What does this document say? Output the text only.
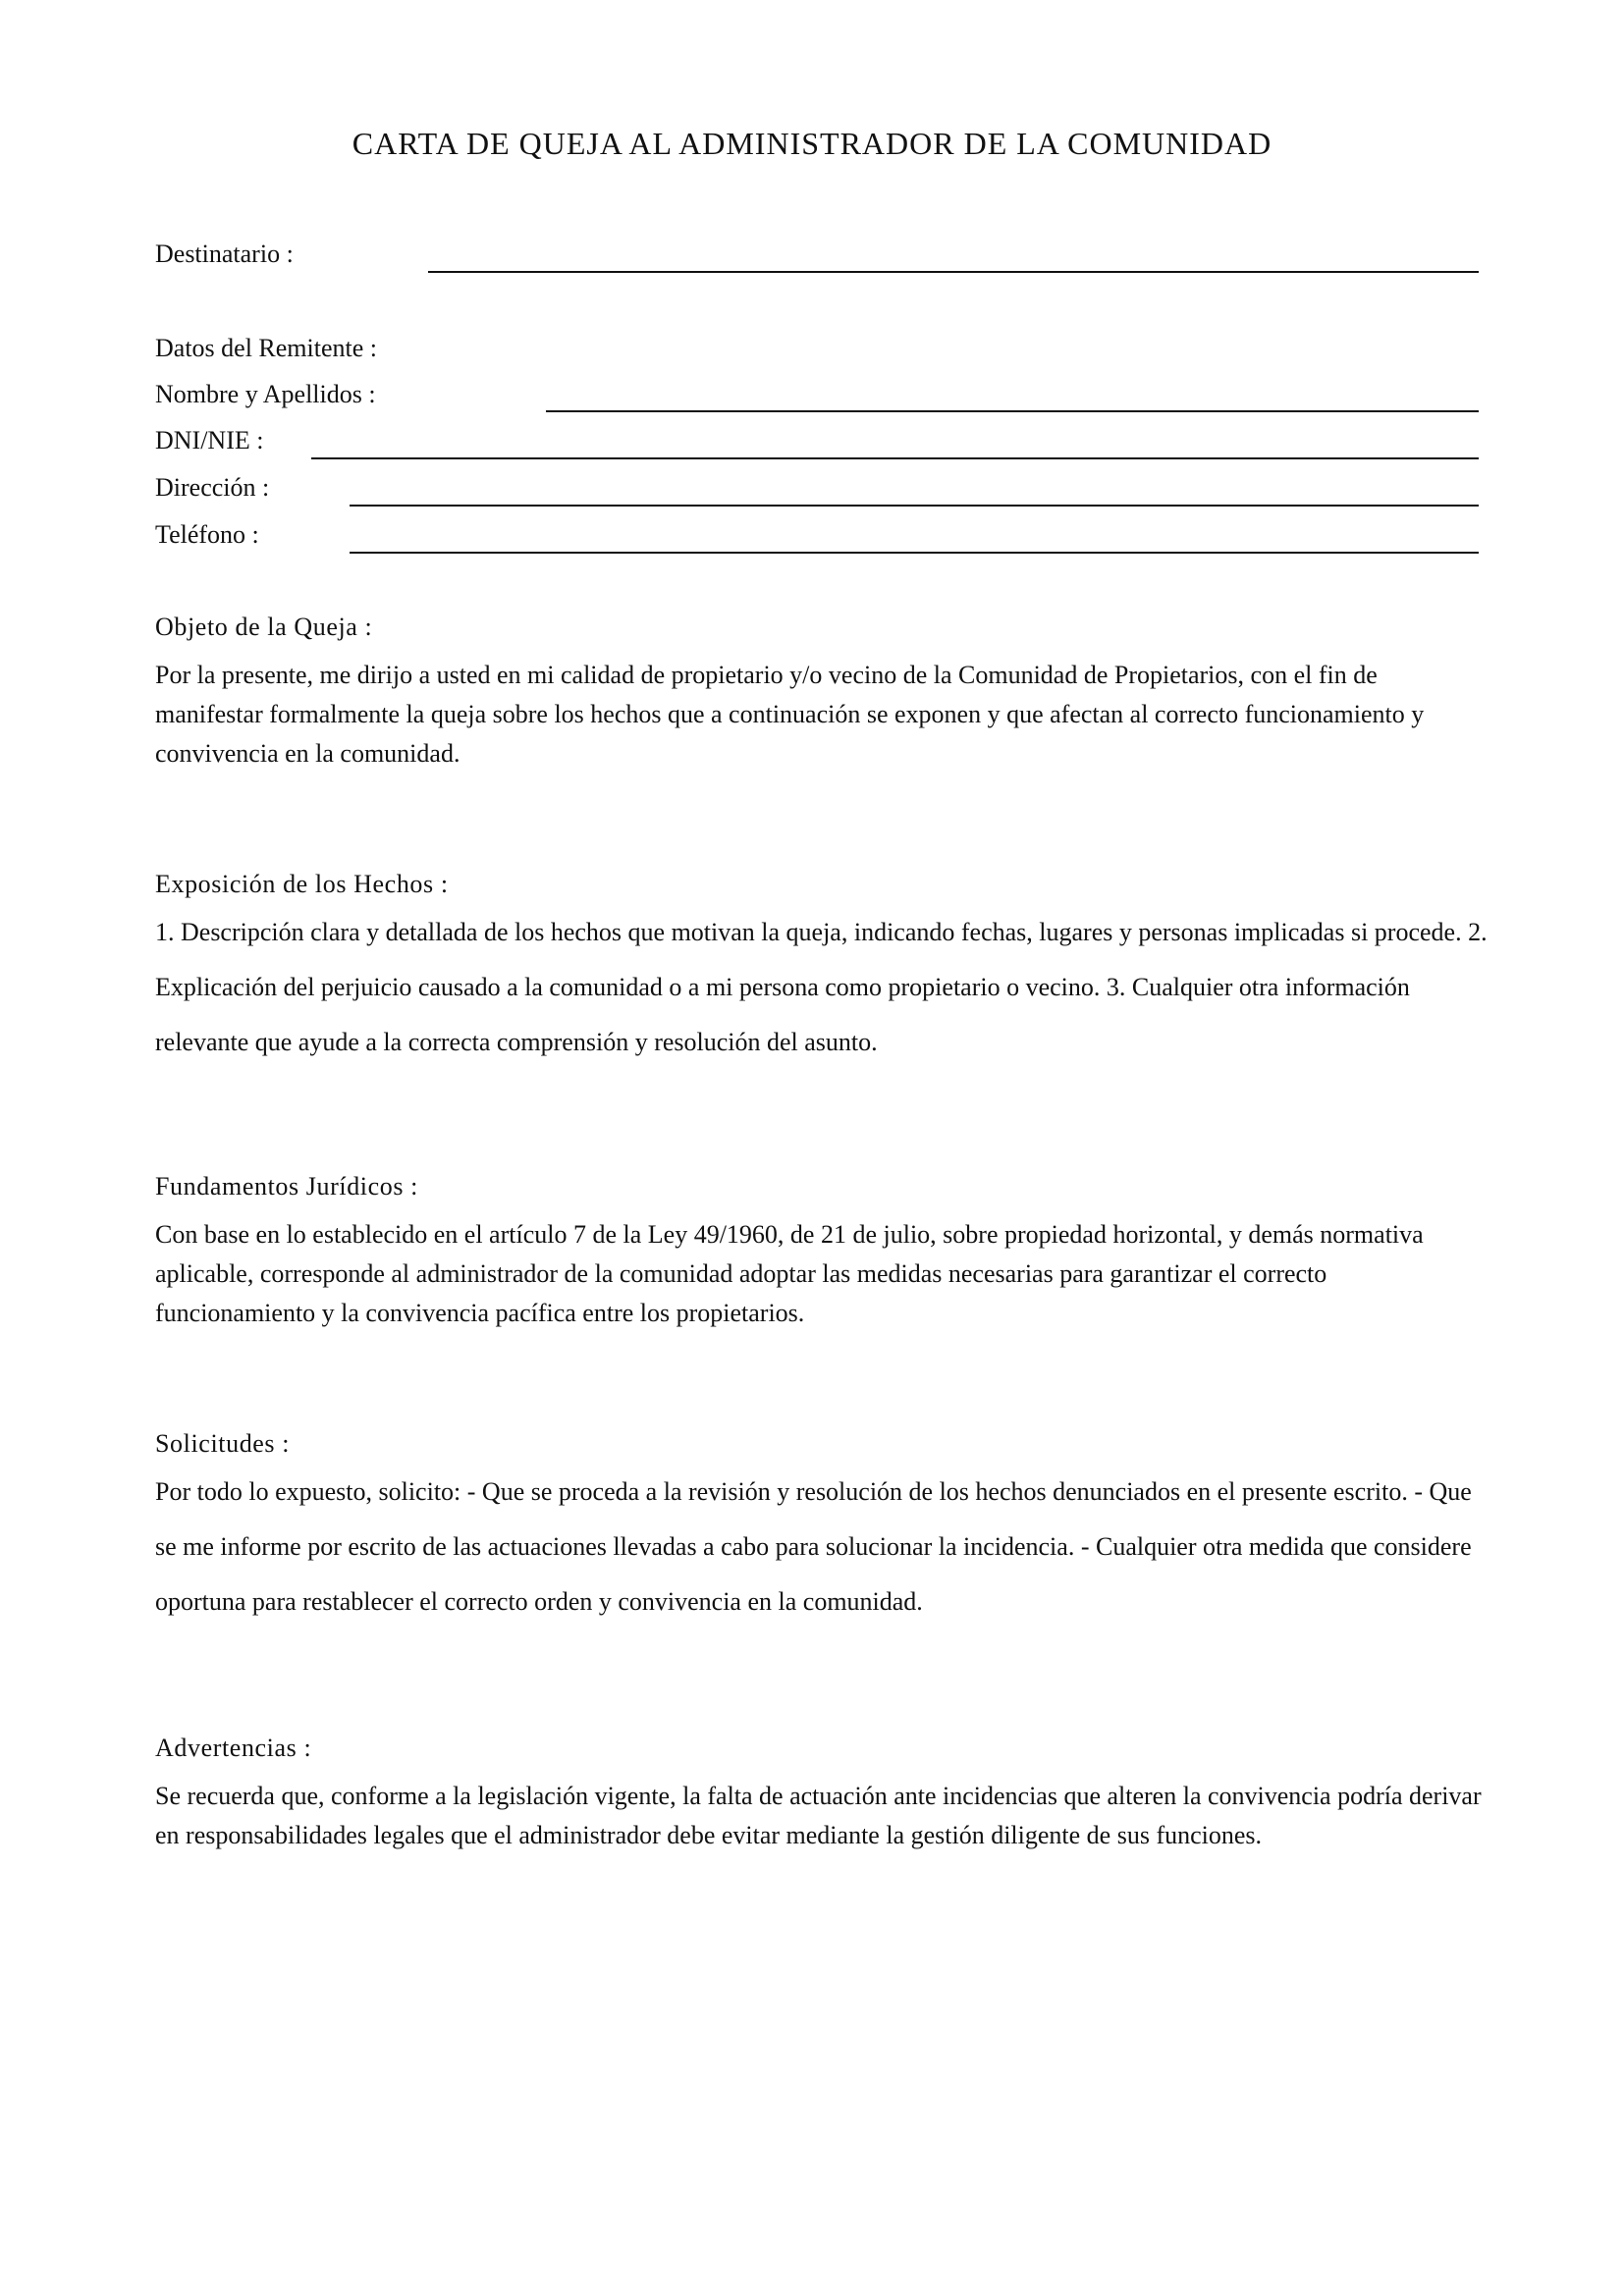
CARTA DE QUEJA AL ADMINISTRADOR DE LA COMUNIDAD
Destinatario :
Datos del Remitente :
Nombre y Apellidos :
DNI/NIE :
Dirección :
Teléfono :
Objeto de la Queja :

Por la presente, me dirijo a usted en mi calidad de propietario y/o vecino de la Comunidad de Propietarios, con el fin de manifestar formalmente la queja sobre los hechos que a continuación se exponen y que afectan al correcto funcionamiento y convivencia en la comunidad.

Exposición de los Hechos :

1. Descripción clara y detallada de los hechos que motivan la queja, indicando fechas, lugares y personas implicadas si procede. 2. Explicación del perjuicio causado a la comunidad o a mi persona como propietario o vecino. 3. Cualquier otra información relevante que ayude a la correcta comprensión y resolución del asunto.

Fundamentos Jurídicos :

Con base en lo establecido en el artículo 7 de la Ley 49/1960, de 21 de julio, sobre propiedad horizontal, y demás normativa aplicable, corresponde al administrador de la comunidad adoptar las medidas necesarias para garantizar el correcto funcionamiento y la convivencia pacífica entre los propietarios.

Solicitudes :

Por todo lo expuesto, solicito: - Que se proceda a la revisión y resolución de los hechos denunciados en el presente escrito. - Que se me informe por escrito de las actuaciones llevadas a cabo para solucionar la incidencia. - Cualquier otra medida que considere oportuna para restablecer el correcto orden y convivencia en la comunidad.

Advertencias :

Se recuerda que, conforme a la legislación vigente, la falta de actuación ante incidencias que alteren la convivencia podría derivar en responsabilidades legales que el administrador debe evitar mediante la gestión diligente de sus funciones.
